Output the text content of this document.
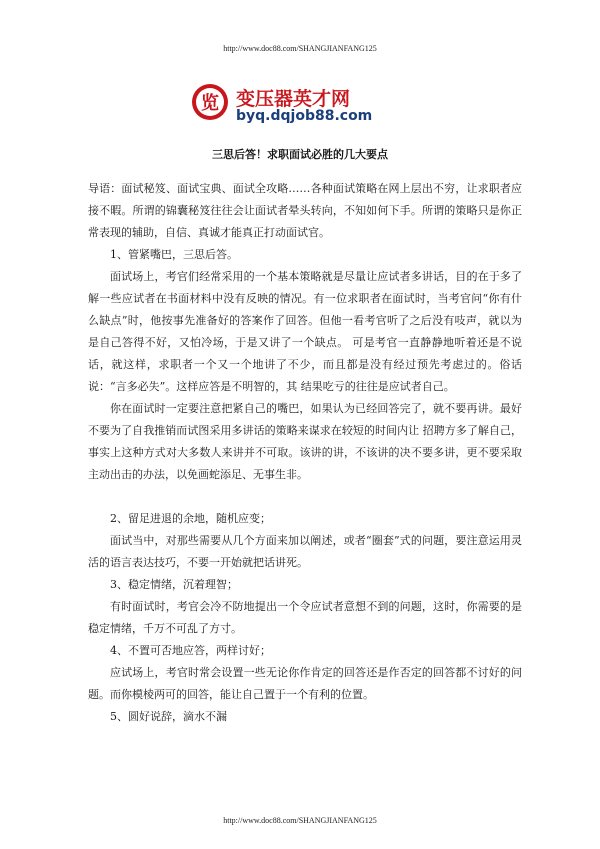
http://www.doc88.com/SHANGJIANFANG125
览 变压器英才网
byq.dqjob88.com
三思后答！求职面试必胜的几大要点

导语：面试秘笈、面试宝典、面试全攻略……各种面试策略在网上层出不穷，让求职者应接不暇。所谓的锦囊秘笈往往会让面试者晕头转向，不知如何下手。所谓的策略只是你正常表现的辅助，自信、真诚才能真正打动面试官。

1、管紧嘴巴，三思后答。

面试场上，考官们经常采用的一个基本策略就是尽量让应试者多讲话，目的在于多了解一些应试者在书面材料中没有反映的情况。有一位求职者在面试时，当考官问“你有什么缺点”时，他按事先准备好的答案作了回答。但他一看考官听了之后没有吱声，就以为是自己答得不好，又怕冷场，于是又讲了一个缺点。 可是考官一直静静地听着还是不说话，就这样，求职者一个又一个地讲了不少，而且都是没有经过预先考虑过的。俗话说：“言多必失”。这样应答是不明智的，其 结果吃亏的往往是应试者自己。

你在面试时一定要注意把紧自己的嘴巴，如果认为已经回答完了，就不要再讲。最好不要为了自我推销而试图采用多讲话的策略来谋求在较短的时间内让 招聘方多了解自己，事实上这种方式对大多数人来讲并不可取。该讲的讲，不该讲的决不要多讲，更不要采取主动出击的办法，以免画蛇添足、无事生非。

2、留足进退的余地，随机应变；

面试当中，对那些需要从几个方面来加以阐述，或者“圈套”式的问题，要注意运用灵活的语言表达技巧，不要一开始就把话讲死。

3、稳定情绪，沉着理智；

有时面试时，考官会冷不防地提出一个令应试者意想不到的问题，这时，你需要的是稳定情绪，千万不可乱了方寸。

4、不置可否地应答，两样讨好；

应试场上，考官时常会设置一些无论你作肯定的回答还是作否定的回答都不讨好的问题。而你模棱两可的回答，能让自己置于一个有利的位置。

5、圆好说辞，滴水不漏

http://www.doc88.com/SHANGJIANFANG125
